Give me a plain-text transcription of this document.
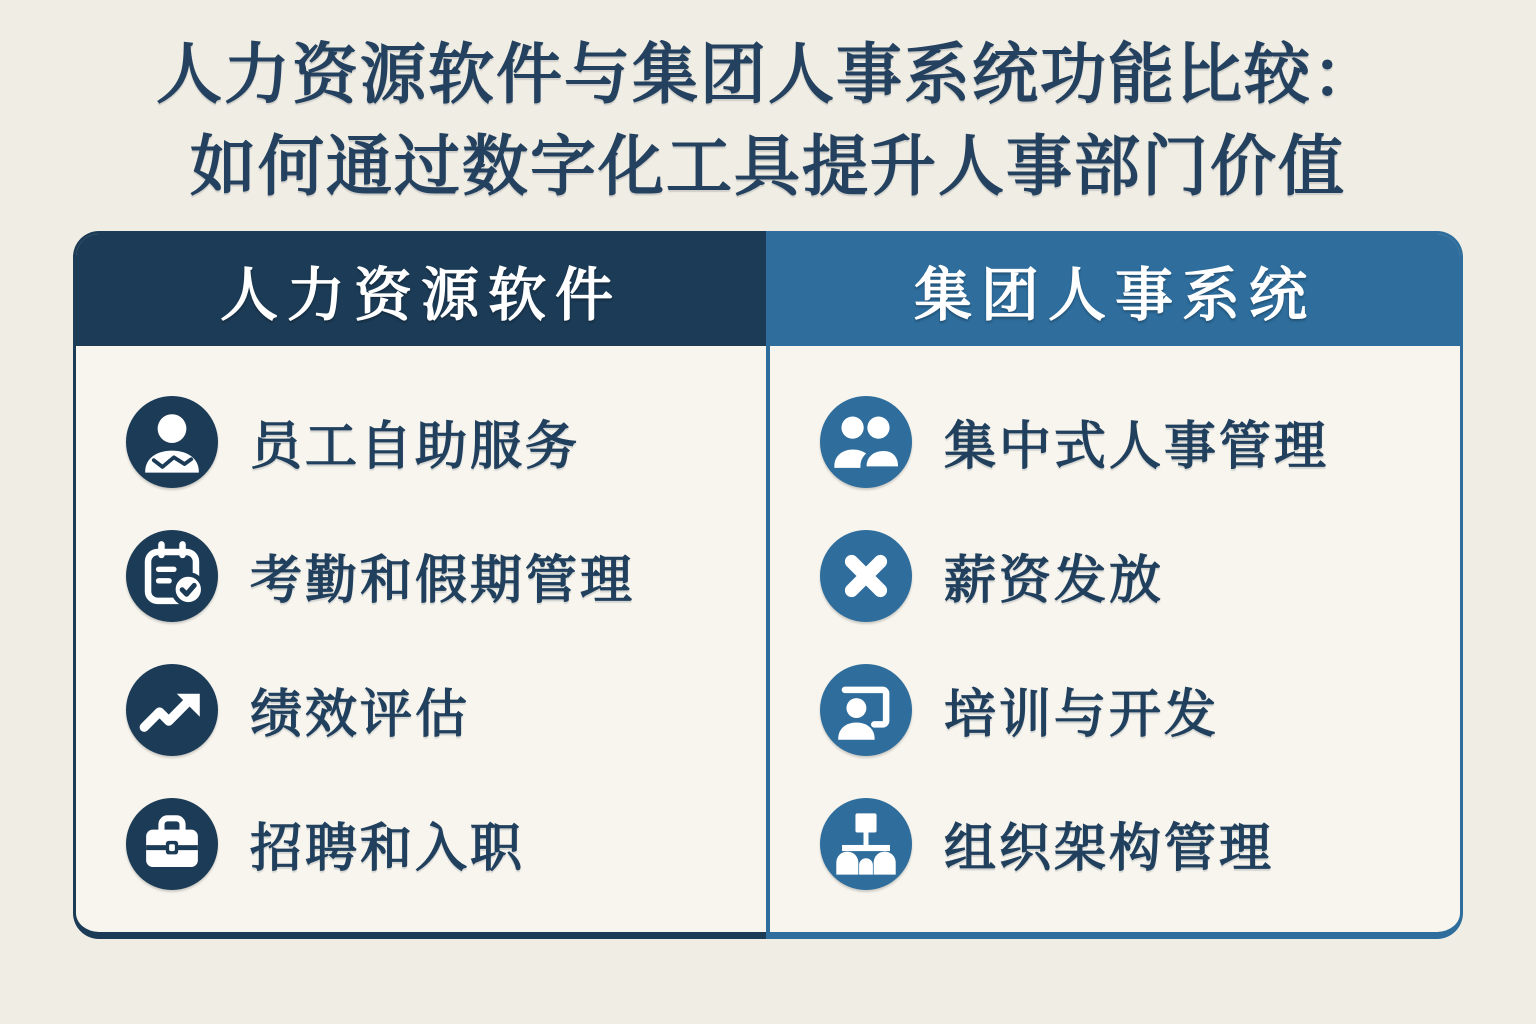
人力资源软件与集团人事系统功能比较：
如何通过数字化工具提升人事部门价值
人力资源软件
员工自助服务
考勤和假期管理
绩效评估
招聘和入职
集团人事系统
集中式人事管理
薪资发放
培训与开发
组织架构管理
